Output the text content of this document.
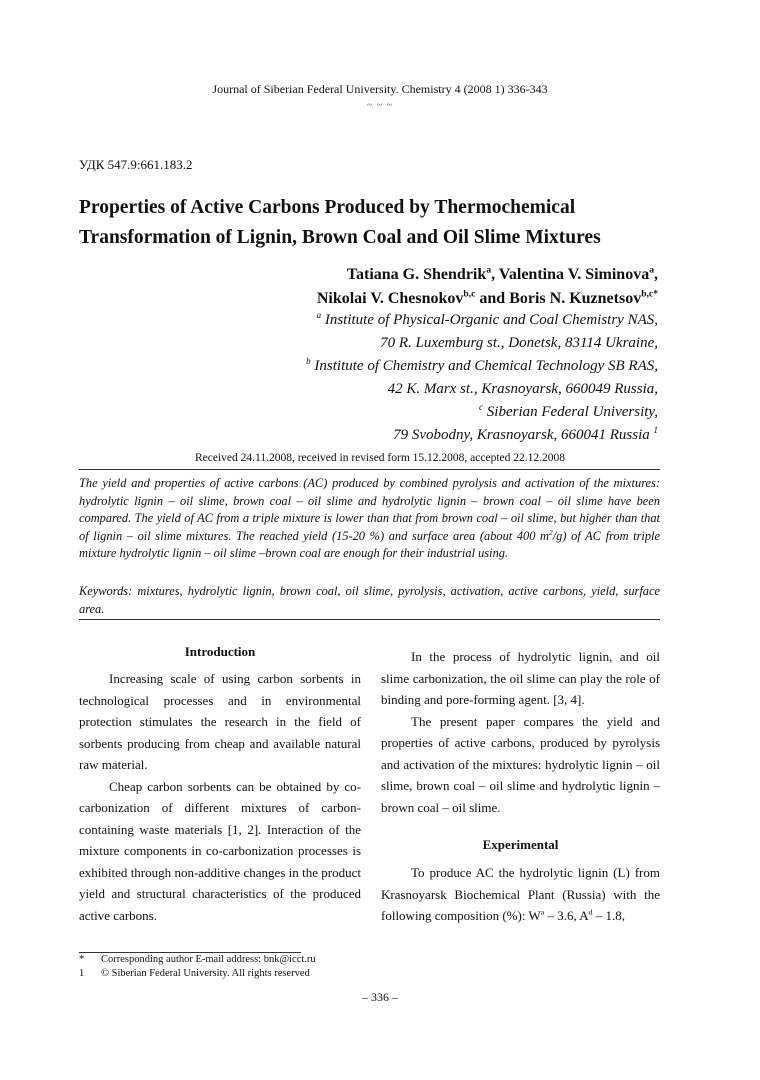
Journal of Siberian Federal University. Chemistry 4 (2008 1) 336-343
~ ~ ~
УДК 547.9:661.183.2
Properties of Active Carbons Produced by Thermochemical
Transformation of Lignin, Brown Coal and Oil Slime Mixtures
Tatiana G. Shendrik$^a$, Valentina V. Siminova$^a$,
Nikolai V. Chesnokov$^{b,c}$ and Boris N. Kuznetsov$^{b,c*}$
$^a$ Institute of Physical-Organic and Coal Chemistry NAS,
70 R. Luxemburg st., Donetsk, 83114 Ukraine,
$^b$ Institute of Chemistry and Chemical Technology SB RAS,
42 K. Marx st., Krasnoyarsk, 660049 Russia,
$^c$ Siberian Federal University,
79 Svobodny, Krasnoyarsk, 660041 Russia $^1$
Received 24.11.2008, received in revised form 15.12.2008, accepted 22.12.2008
The yield and properties of active carbons (AC) produced by combined pyrolysis and activation of the mixtures: hydrolytic lignin – oil slime, brown coal – oil slime and hydrolytic lignin – brown coal – oil slime have been compared. The yield of AC from a triple mixture is lower than that from brown coal – oil slime, but higher than that of lignin – oil slime mixtures. The reached yield (15-20 %) and surface area (about 400 $m^2/g$) of AC from triple mixture hydrolytic lignin – oil slime –brown coal are enough for their industrial using.
Keywords: mixtures, hydrolytic lignin, brown coal, oil slime, pyrolysis, activation, active carbons, yield, surface area.
Introduction

Increasing scale of using carbon sorbents in technological processes and in environmental protection stimulates the research in the field of sorbents producing from cheap and available natural raw material.

Cheap carbon sorbents can be obtained by co-carbonization of different mixtures of carbon-containing waste materials [1, 2]. Interaction of the mixture components in co-carbonization processes is exhibited through non-additive changes in the product yield and structural characteristics of the produced active carbons.

In the process of hydrolytic lignin, and oil slime carbonization, the oil slime can play the role of binding and pore-forming agent. [3, 4].

The present paper compares the yield and properties of active carbons, produced by pyrolysis and activation of the mixtures: hydrolytic lignin – oil slime, brown coal – oil slime and hydrolytic lignin – brown coal – oil slime.

Experimental

To produce AC the hydrolytic lignin (L) from Krasnoyarsk Biochemical Plant (Russia) with the following composition (%): $W^a - 3.6$, $A^d - 1.8$,

* Corresponding author E-mail address: bnk@icct.ru
1 © Siberian Federal University. All rights reserved
– 336 –
